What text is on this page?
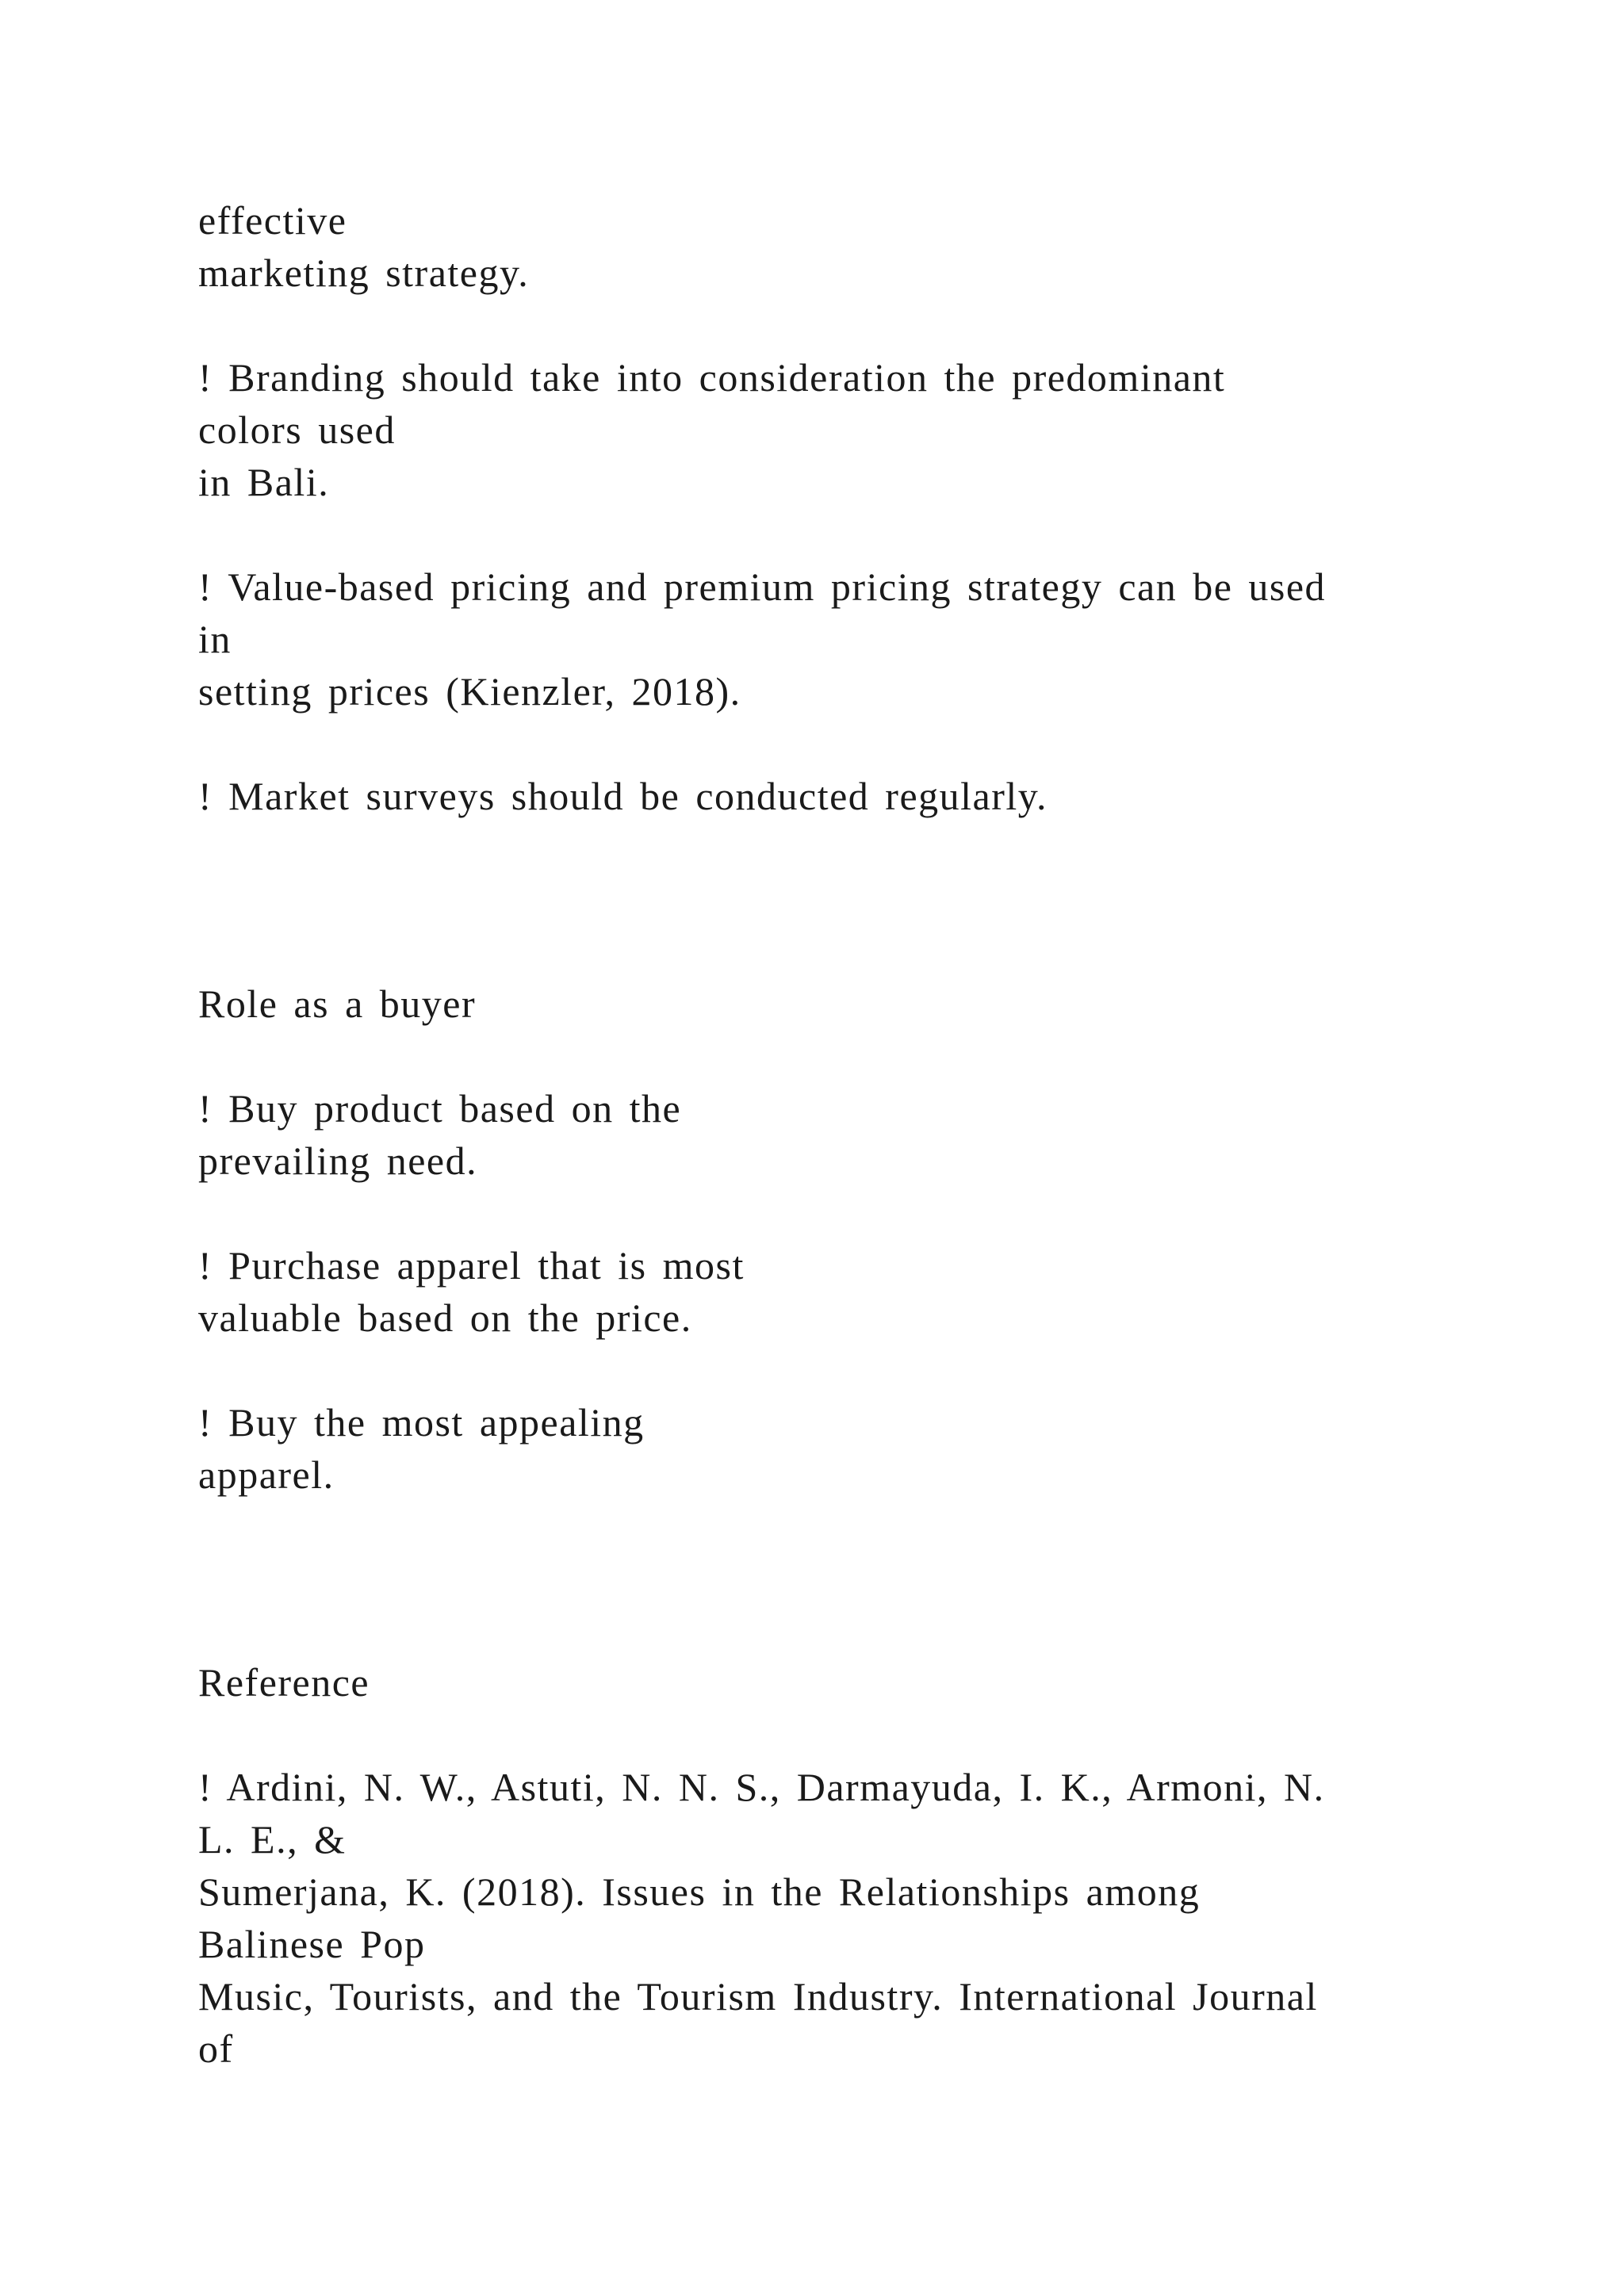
effective
marketing strategy.
! Branding should take into consideration the predominant
colors used
in Bali.
! Value-based pricing and premium pricing strategy can be used
in
setting prices (Kienzler, 2018).
! Market surveys should be conducted regularly.
Role as a buyer
! Buy product based on the
prevailing need.
! Purchase apparel that is most
valuable based on the price.
! Buy the most appealing
apparel.
Reference
! Ardini, N. W., Astuti, N. N. S., Darmayuda, I. K., Armoni, N.
L. E., &
Sumerjana, K. (2018). Issues in the Relationships among
Balinese Pop
Music, Tourists, and the Tourism Industry. International Journal
of
